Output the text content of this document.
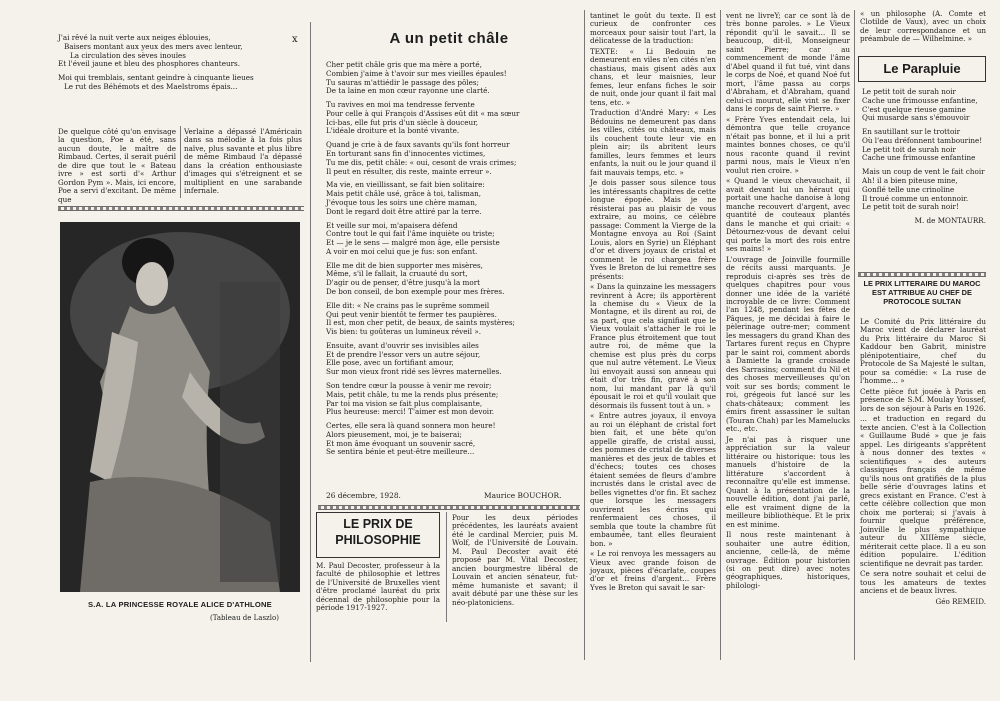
J'ai rêvé la nuit verte aux neiges éblouies,

Baisers montant aux yeux des mers avec lenteur,

La circulation des sèves inouïes

Et l'éveil jaune et bleu des phosphores chanteurs.

Moi qui tremblais, sentant geindre à cinquante lieues

Le rut des Béhémots et des Maelstroms épais...

x

De quelque côté qu'on envisage la question, Poe a été, sans aucun doute, le maître de Rimbaud. Certes, il serait puéril de dire que tout le « Bateau ivre » est sorti d'« Arthur Gordon Pym ». Mais, ici encore, Poe a servi d'excitant. De même que

Verlaine a dépassé l'Américain dans sa mélodie à la fois plus naïve, plus savante et plus libre de même Rimbaud l'a dépassé dans la création enthousiaste d'images qui s'étreignent et se multiplient en une sarabande infernale.

S.A. LA PRINCESSE ROYALE ALICE D'ATHLONE
(Tableau de Laszlo)
A un petit châle

Cher petit châle gris que ma mère a porté,

Combien j'aime à t'avoir sur mes vieilles épaules!

Tu sauras m'attiédir le passage des pôles;

De ta laine en mon cœur rayonne une clarté.

Tu ravives en moi ma tendresse fervente

Pour celle à qui François d'Assises eût dit « ma sœur

Ici-bas, elle fut pris d'un siècle à douceur,

L'idéale droiture et la bonté vivante.

Quand je crie à de faux savants qu'ils font horreur

En torturant sans fin d'innocentes victimes,

Tu me dis, petit châle: « oui, cesont de vrais crimes;

Il peut en résulter, dis reste, mainte erreur ».

Ma vie, en vieillissant, se fait bien solitaire:

Mais petit châle usé, grâce à toi, talisman,

J'évoque tous les soirs une chère maman,

Dont le regard doit être attiré par la terre.

Et veille sur moi, m'apaisera défend

Contre tout le qui fait l'âme inquiète ou triste;

Et — je le sens — malgré mon âge, elle persiste

A voir en moi celui que je fus: son enfant.

Elle me dit de bien supporter mes misères,

Même, s'il le fallait, la cruauté du sort,

D'agir ou de penser, d'être jusqu'à la mort

De bon conseil, de bon exemple pour mes frères.

Elle dit: « Ne crains pas le suprême sommeil

Qui peut venir bientôt te fermer tes paupières.

Il est, mon cher petit, de beaux, de saints mystères;

Vis bien: tu goûteras un lumineux réveil ».

Ensuite, avant d'ouvrir ses invisibles ailes

Et de prendre l'essor vers un autre séjour,

Elle pose, avec un fortifiant amour,

Sur mon vieux front ridé ses lèvres maternelles.

Son tendre cœur la pousse à venir me revoir;

Mais, petit châle, tu me la rends plus présente;

Par toi ma vision se fait plus complaisante,

Plus heureuse: merci! T'aimer est mon devoir.

Certes, elle sera là quand sonnera mon heure!

Alors pieusement, moi, je te baiserai;

Et mon âme évoquant un souvenir sacré,

Se sentira bénie et peut-être meilleure...

26 décembre, 1928.	Maurice BOUCHOR.
LE PRIX DE PHILOSOPHIE

M. Paul Decoster, professeur à la faculté de philosophie et lettres de l'Université de Bruxelles vient d'être proclamé lauréat du prix décennal de philosophie pour la période 1917-1927.

Pour les deux périodes précédentes, les lauréats avaient été le cardinal Mercier, puis M. Wolf, de l'Université de Louvain. M. Paul Decoster avait été proposé par M. Vital Decoster, ancien bourgmestre libéral de Louvain et ancien sénateur, fut-même humaniste et savant; il avait débuté par une thèse sur les néo-platoniciens.

tantinet le goût du texte. Il est curieux de confronter ces morceaux pour saisir tout l'art, la délicatesse de la traduction:

TEXTE: « Li Bedouin ne demeurent en viles n'en cités n'en chastiaus, mais gisent adès aux chans, et leur maisnies, leur femes, leur enfans fiches le soir de nuit, onde jour quant il fait mal tens, etc. »

Traduction d'André Mary: « Les Bédouins ne demeurent pas dans les villes, cités ou châteaux, mais ils couchent toute leur vie en plein air; ils abritent leurs familles, leurs femmes et leurs enfants, la nuit ou le jour quand il fait mauvais temps, etc. »

Je dois passer sous silence tous les intéressants chapitres de cette longue épopée. Mais je ne résisterai pas au plaisir de vous extraire, au moins, ce célèbre passage: Comment la Vierge de la Montagne envoya au Roi (Saint Louis, alors en Syrie) un Éléphant d'or et divers joyaux de cristal et comment le roi chargea frère Yves le Breton de lui remettre ses présents:

« Dans la quinzaine les messagers revinrent à Acre; ils apportèrent la chemise du « Vieux de la Montagne, et ils dirent au roi, de sa part, que cela signifiait que le Vieux voulait s'attacher le roi le France plus étroitement que tout autre roi, de même que la chemise est plus près du corps que nul autre vêtement. Le Vieux lui envoyait aussi son anneau qui était d'or très fin, gravé à son nom, lui mandant par là qu'il épousait le roi et qu'il voulait que désormais ils fussent tout à un. »

« Entre autres joyaux, il envoya au roi un éléphant de cristal fort bien fait, et une bête qu'on appelle giraffe, de cristal aussi, des pommes de cristal de diverses manières et des jeux de tables et d'échecs; toutes ces choses étaient semées de fleurs d'ambre incrustés dans le cristal avec de belles vignettes d'or fin. Et sachez que lorsque les messagers ouvrirent les écrins qui renfermaient ces choses, il sembla que toute la chambre fût embaumée, tant elles fleuraient bon. »

« Le roi renvoya les messagers au Vieux avec grande foison de joyaux, pièces d'écarlate, coupes d'or et freins d'argent... Frère Yves le Breton qui savait le sar-

vent ne livreY; car ce sont là de très bonne paroles. » Le Vieux répondit qu'il le savait... Il se beaucoup, dit-il, Monseigneur saint Pierre; car au commencement de monde l'âme d'Abel quand il fut tué, vint dans le corps de Noé, et quand Noé fut mort, l'âme passa au corps d'Abraham, et d'Abraham, quand celui-ci mourut, elle vint se fixer dans le corps de saint Pierre. »

« Frère Yves entendait cela, lui démontra que telle croyance n'était pas bonne, et il lui a prit maintes bonnes choses, ce qu'il nous raconte quand il revint parmi nous, mais le Vieux n'en voulut rien croire. »

« Quand le vieux chevauchait, il avait devant lui un héraut qui portait une hache danoise à long manche recouvert d'argent, avec quantité de couteaux plantés dans le manche et qui criait: « Détournez-vous de devant celui qui porte la mort des rois entre ses mains! »

L'ouvrage de Joinville fourmille de récits aussi marquants. Je reproduis ci-après ses très de quelques chapitres pour vous donner une idée de la variété incroyable de ce livre: Comment l'an 1248, pendant les fêtes de Pâques, je me décidai à faire le pèlerinage outre-mer; comment les messagers du grand Khan des Tartares furent reçus en Chypre par le saint roi, comment abords à Damiette la grande croisade des Sarrasins; comment du Nil et des choses merveilleuses qu'on voit sur ses bords; comment le roi, grégeois fut lancé sur les chats-châteaux; comment les émirs firent assassiner le sultan (Touran Chah) par les Mamelucks etc., etc.

Je n'ai pas à risquer une appréciation sur la valeur littéraire ou historique: tous les manuels d'histoire de la littérature s'accordent à reconnaître qu'elle est immense. Quant à la présentation de la nouvelle édition, dont j'ai parlé, elle est vraiment digne de la meilleure bibliothèque. Et le prix en est minime.

Il nous reste maintenant à souhaiter une autre édition, ancienne, celle-là, de même ouvrage. Édition pour historien (si on peut dire) avec notes géographiques, historiques, philologi-

« un philosophe (A. Comte et Clotilde de Vaux), avec un choix de leur correspondance et un préambule de — Wilhelmine. »

Le Parapluie

Le petit toit de surah noir

Cache une frimousse enfantine,

C'est quelque rieuse gamine

Qui musarde sans s'émouvoir

En sautillant sur le trottoir

Où l'eau dréfonnent tambourine!

Le petit toit de surah noir

Cache une frimousse enfantine

Mais un coup de vent le fait choir

Ah! il a bien piteuse mine,

Gonflé telle une crinoline

Il troué comme un entonnoir.

Le petit toit de surah noir!

M. de MONTAURR.

LE PRIX LITTERAIRE DU MAROC EST ATTRIBUE AU CHEF DE PROTOCOLE SULTAN

Le Comité du Prix littéraire du Maroc vient de déclarer lauréat du Prix littéraire du Maroc Si Kaddour ben Gabrit, ministre plénipotentiaire, chef du Protocole de Sa Majesté le sultan, pour sa comédie: « La ruse de l'homme... »

Cette pièce fut jouée à Paris en présence de S.M. Moulay Youssef, lors de son séjour à Paris en 1926.

... et traduction en regard du texte ancien. C'est à la Collection « Guillaume Budé » que je fais appel. Les dirigeants s'apprêtent à nous donner des textes « scientifiques » des auteurs classiques français de même qu'ils nous ont gratifiés de la plus belle série d'ouvrages latins et grecs existant en France. C'est à cette célèbre collection que mon choix me porterai; si j'avais à fournir quelque préférence, Joinville le plus sympathique auteur du XIIIème siècle, mériterait cette place. Il a eu son édition populaire. L'édition scientifique ne devrait pas tarder.

Ce sera notre souhait et celui de tous les amateurs de textes anciens et de beaux livres.

Géo REMEID.
